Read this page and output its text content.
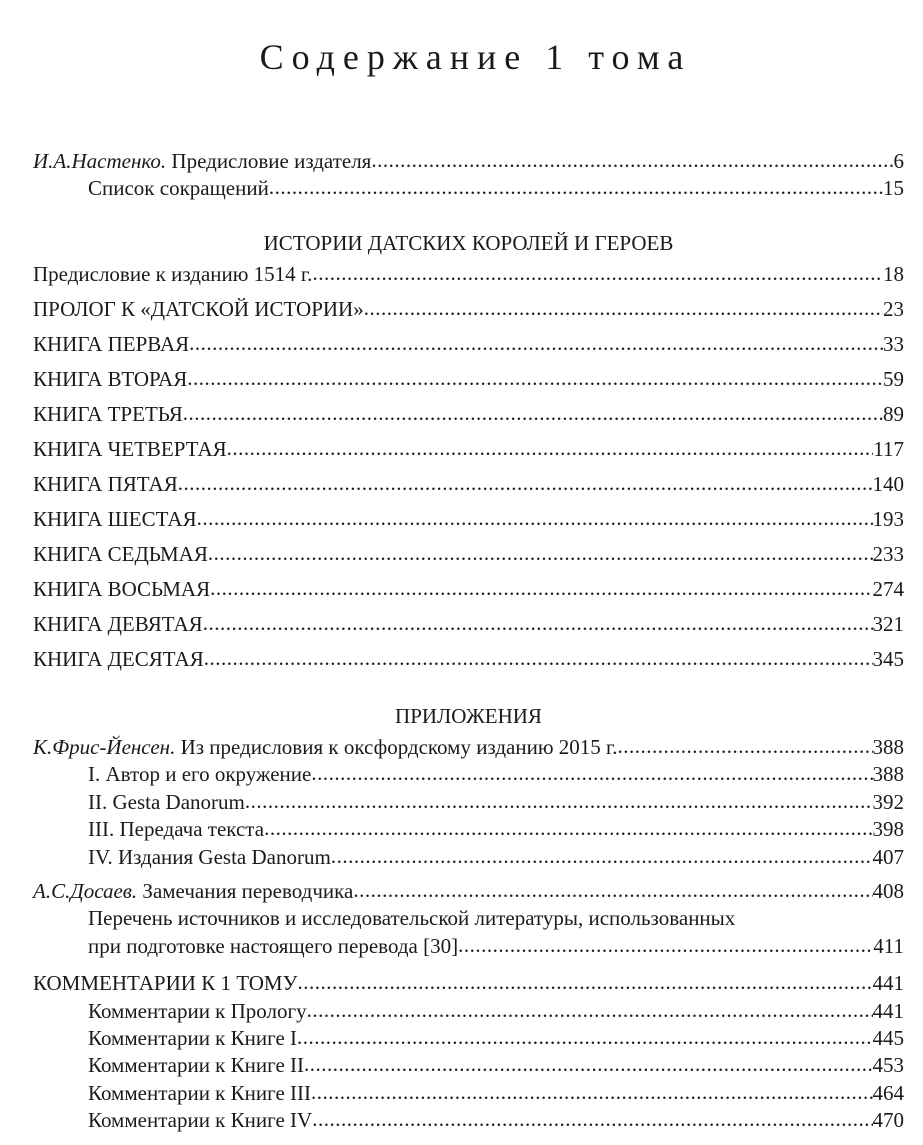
Содержание 1 тома
И.А.Настенко. Предисловие издателя .....	6
Список сокращений .....	15
ИСТОРИИ ДАТСКИХ КОРОЛЕЙ И ГЕРОЕВ
Предисловие к изданию 1514 г. .....	18
ПРОЛОГ К «ДАТСКОЙ ИСТОРИИ» .....	23
КНИГА ПЕРВАЯ .....	33
КНИГА ВТОРАЯ .....	59
КНИГА ТРЕТЬЯ .....	89
КНИГА ЧЕТВЕРТАЯ .....	117
КНИГА ПЯТАЯ .....	140
КНИГА ШЕСТАЯ .....	193
КНИГА СЕДЬМАЯ .....	233
КНИГА ВОСЬМАЯ .....	274
КНИГА ДЕВЯТАЯ .....	321
КНИГА ДЕСЯТАЯ .....	345
ПРИЛОЖЕНИЯ
К.Фрис-Йенсен. Из предисловия к оксфордскому изданию 2015 г. .....	388
I. Автор и его окружение .....	388
II. Gesta Danorum .....	392
III. Передача текста .....	398
IV. Издания Gesta Danorum .....	407
А.С.Досаев. Замечания переводчика .....	408
Перечень источников и исследовательской литературы, использованных
при подготовке настоящего перевода [30] .....	411
КОММЕНТАРИИ К 1 ТОМУ .....	441
Комментарии к Прологу .....	441
Комментарии к Книге I .....	445
Комментарии к Книге II .....	453
Комментарии к Книге III .....	464
Комментарии к Книге IV .....	470
